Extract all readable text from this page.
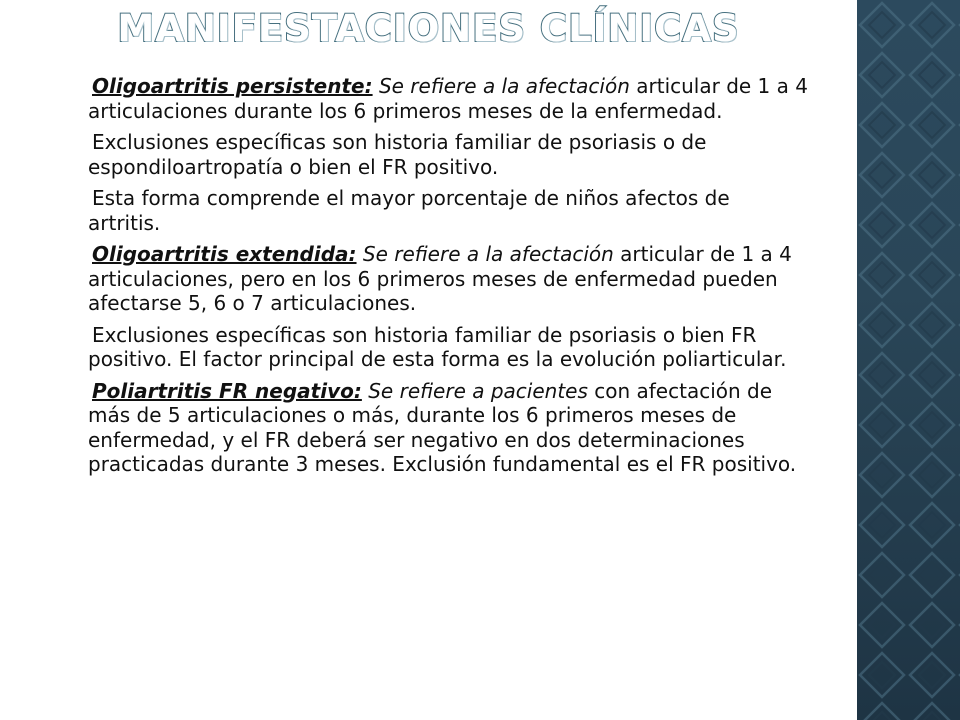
MANIFESTACIONES CLÍNICAS

Oligoartritis persistente: Se refiere a la afectación articular de 1 a 4 articulaciones durante los 6 primeros meses de la enfermedad.

Exclusiones específicas son historia familiar de psoriasis o de espondiloartropatía o bien el FR positivo.

Esta forma comprende el mayor porcentaje de niños afectos de artritis.

Oligoartritis extendida: Se refiere a la afectación articular de 1 a 4 articulaciones, pero en los 6 primeros meses de enfermedad pueden afectarse 5, 6 o 7 articulaciones.

Exclusiones específicas son historia familiar de psoriasis o bien FR positivo. El factor principal de esta forma es la evolución poliarticular.

Poliartritis FR negativo: Se refiere a pacientes con afectación de más de 5 articulaciones o más, durante los 6 primeros meses de enfermedad, y el FR deberá ser negativo en dos determinaciones practicadas durante 3 meses. Exclusión fundamental es el FR positivo.
